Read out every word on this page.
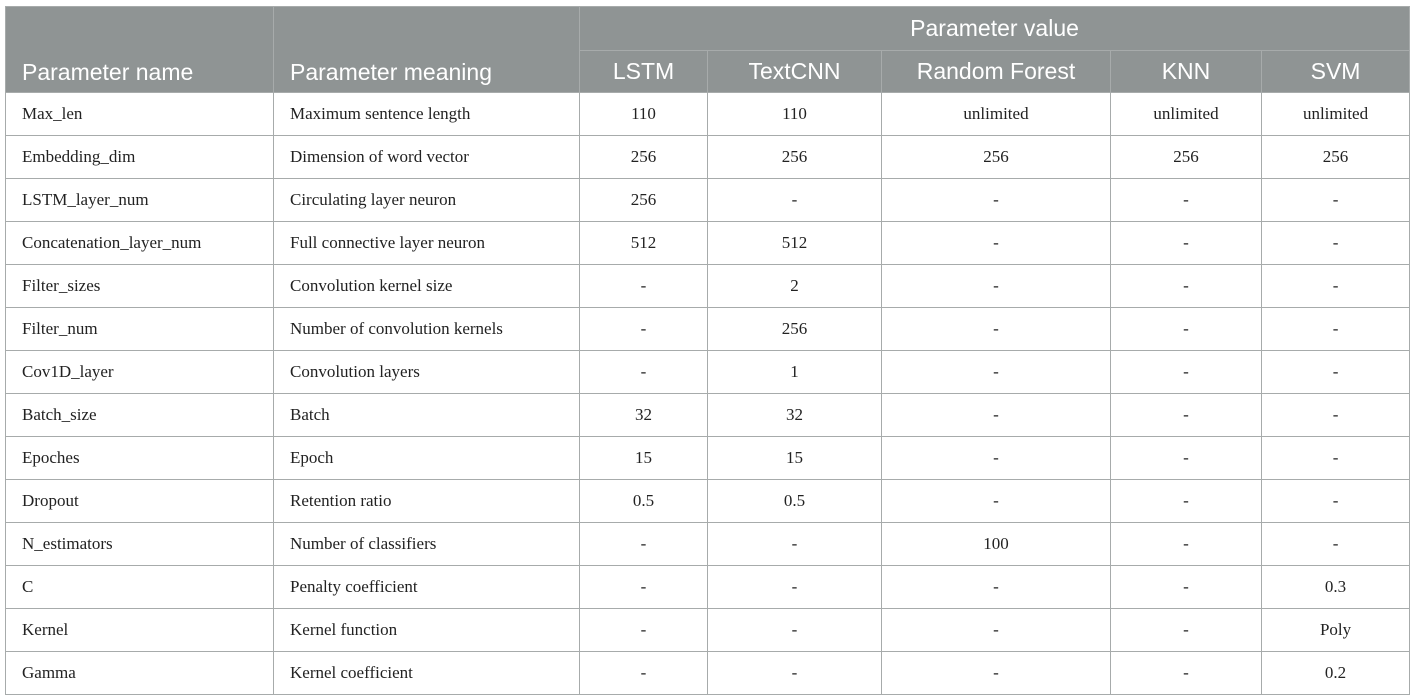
Parameter name	Parameter meaning	Parameter value				
		LSTM	TextCNN	Random Forest	KNN	SVM
Max_len	Maximum sentence length	110	110	unlimited	unlimited	unlimited
Embedding_dim	Dimension of word vector	256	256	256	256	256
LSTM_layer_num	Circulating layer neuron	256	-	-	-	-
Concatenation_layer_num	Full connective layer neuron	512	512	-	-	-
Filter_sizes	Convolution kernel size	-	2	-	-	-
Filter_num	Number of convolution kernels	-	256	-	-	-
Cov1D_layer	Convolution layers	-	1	-	-	-
Batch_size	Batch	32	32	-	-	-
Epoches	Epoch	15	15	-	-	-
Dropout	Retention ratio	0.5	0.5	-	-	-
N_estimators	Number of classifiers	-	-	100	-	-
C	Penalty coefficient	-	-	-	-	0.3
Kernel	Kernel function	-	-	-	-	Poly
Gamma	Kernel coefficient	-	-	-	-	0.2
